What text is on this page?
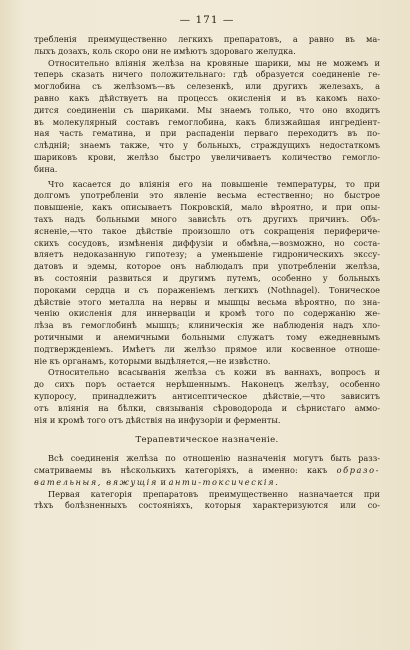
— 171 —
требленія преимущественно легкихъ препаратовъ, а равно въ ма-
лыхъ дозахъ, коль скоро они не имѣютъ здороваго желудка.
Относительно вліянія желѣза на кровяные шарики, мы не можемъ и
теперь сказать ничего положительнаго: гдѣ образуется соединеніе ге-
моглобина съ желѣзомъ—въ селезенкѣ, или другихъ железахъ, а
равно какъ дѣйствуетъ на процессъ окисленія и въ какомъ нахо-
дится соединеніи съ шариками. Мы знаемъ только, что оно входитъ
въ молекулярный составъ гемоглобина, какъ близжайшая ингредіент-
ная часть гематина, и при распаденіи перваго переходитъ въ по-
слѣдній; знаемъ также, что у больныхъ, страждущихъ недостаткомъ
шариковъ крови, желѣзо быстро увеличиваетъ количество гемогло-
бина.
Что касается до вліянія его на повышеніе температуры, то при
долгомъ употребленіи это явленіе весьма естественно; но быстрое
повышеніе, какъ описываетъ Покровскій, мало вѣроятно, и при опы-
тахъ надъ больными много зависѣть отъ другихъ причинъ. Объ-
ясненіе,—что такое дѣйствіе произошло отъ сокращенія перифериче-
скихъ сосудовъ, измѣненія диффузіи и обмѣна,—возможно, но соста-
вляетъ недоказанную гипотезу; а уменьшеніе гидроническихъ экссу-
датовъ и эдемы, которое онъ наблюдалъ при употребленіи желѣза,
въ состояніи развиться и другимъ путемъ, особенно у больныхъ
пороками сердца и съ пораженіемъ легкихъ (Nothnagel). Тоническое
дѣйствіе этого металла на нервы и мышцы весьма вѣроятно, по зна-
ченію окисленія для иннерваціи и кромѣ того по содержанію же-
лѣза въ гемоглобинѣ мышцъ; клиническія же наблюденія надъ хло-
ротичными и анемичными больными служатъ тому ежедневнымъ
подтвержденіемъ. Имѣетъ ли желѣзо прямое или косвенное отноше-
ніе къ органамъ, которыми выдѣляется,—не извѣстно.
Относительно всасыванія желѣза съ кожи въ ваннахъ, вопросъ и
до сихъ поръ остается нерѣшеннымъ. Наконецъ желѣзу, особенно
купоросу, принадлежитъ антисептическое дѣйствіе,—что зависитъ
отъ вліянія на бѣлки, связыванія сѣроводорода и сѣрнистаго аммо-
нія и кромѣ того отъ дѣйствія на инфузоріи и ферменты.
Терапевтическое назначеніе.
Всѣ соединенія желѣза по отношенію назначенія могутъ быть разз-
сматриваемы въ нѣсколькихъ категоріяхъ, а именно: какъ образо-
вательныя, вяжущія и анти-токсическія.
Первая категорія препаратовъ преимущественно назначается при
тѣхъ болѣзненныхъ состояніяхъ, которыя характеризуются или со-
